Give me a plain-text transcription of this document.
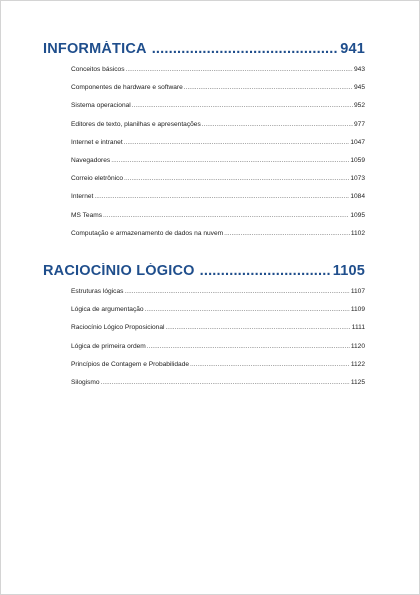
INFORMÁTICA .....	941
Conceitos básicos .....	943
Componentes de hardware e software .....	945
Sistema operacional .....	952
Editores de texto, planilhas e apresentações .....	977
Internet e intranet .....	1047
Navegadores .....	1059
Correio eletrônico .....	1073
Internet .....	1084
MS Teams .....	1095
Computação e armazenamento de dados na nuvem .....	1102
RACIOCÍNIO LÓGICO .....	1105
Estruturas lógicas .....	1107
Lógica de argumentação .....	1109
Raciocínio Lógico Proposicional .....	1111
Lógica de primeira ordem .....	1120
Princípios de Contagem e Probabilidade .....	1122
Silogismo .....	1125
